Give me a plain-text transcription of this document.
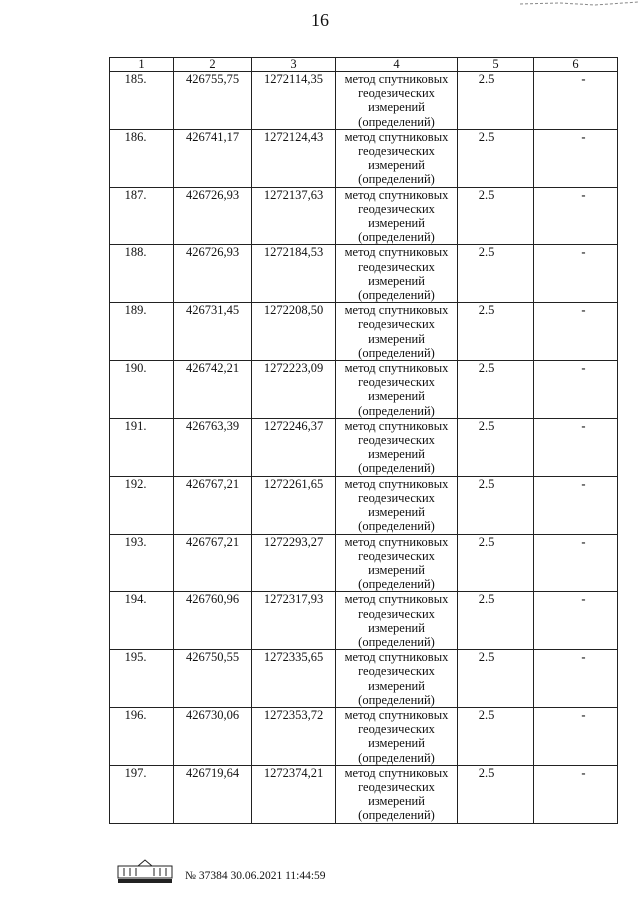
16
1	2	3	4	5	6
185.	426755,75	1272114,35	метод спутниковых геодезических измерений (определений)	2.5	-
186.	426741,17	1272124,43	метод спутниковых геодезических измерений (определений)	2.5	-
187.	426726,93	1272137,63	метод спутниковых геодезических измерений (определений)	2.5	-
188.	426726,93	1272184,53	метод спутниковых геодезических измерений (определений)	2.5	-
189.	426731,45	1272208,50	метод спутниковых геодезических измерений (определений)	2.5	-
190.	426742,21	1272223,09	метод спутниковых геодезических измерений (определений)	2.5	-
191.	426763,39	1272246,37	метод спутниковых геодезических измерений (определений)	2.5	-
192.	426767,21	1272261,65	метод спутниковых геодезических измерений (определений)	2.5	-
193.	426767,21	1272293,27	метод спутниковых геодезических измерений (определений)	2.5	-
194.	426760,96	1272317,93	метод спутниковых геодезических измерений (определений)	2.5	-
195.	426750,55	1272335,65	метод спутниковых геодезических измерений (определений)	2.5	-
196.	426730,06	1272353,72	метод спутниковых геодезических измерений (определений)	2.5	-
197.	426719,64	1272374,21	метод спутниковых геодезических измерений (определений)	2.5	-
№ 37384 30.06.2021 11:44:59
